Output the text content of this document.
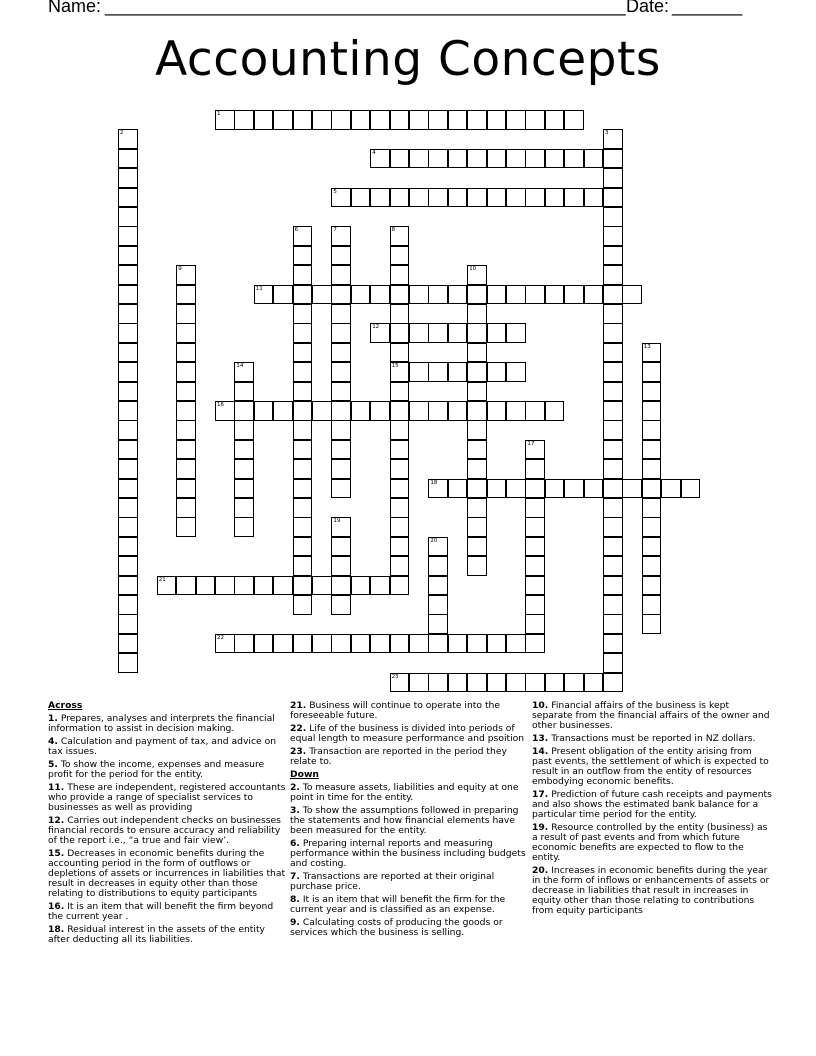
Name: ____________________________________________________ Date: _______
Accounting Concepts
1
2	3
4
5
6	7	8
15
9	10
11
12
13
14
16
17
18
19
20
21
22
23

Across

1. Prepares, analyses and interprets the financial information to assist in decision making.

4. Calculation and payment of tax, and advice on tax issues.

5. To show the income, expenses and measure profit for the period for the entity.

11. These are independent, registered accountants who provide a range of specialist services to businesses as well as providing

12. Carries out independent checks on businesses financial records to ensure accuracy and reliability of the report i.e., “a true and fair view’.

15. Decreases in economic benefits during the accounting period in the form of outflows or depletions of assets or incurrences in liabilities that result in decreases in equity other than those relating to distributions to equity participants

16. It is an item that will benefit the firm beyond the current year .

18. Residual interest in the assets of the entity after deducting all its liabilities.

21. Business will continue to operate into the foreseeable future.

22. Life of the business is divided into periods of equal length to measure performance and psoition

23. Transaction are reported in the period they relate to.

Down

2. To measure assets, liabilities and equity at one point in time for the entity.

3. To show the assumptions followed in preparing the statements and how financial elements have been measured for the entity.

6. Preparing internal reports and measuring performance within the business including budgets and costing.

7. Transactions are reported at their original purchase price.

8. It is an item that will benefit the firm for the current year and is classified as an expense.

9. Calculating costs of producing the goods or services which the business is selling.

10. Financial affairs of the business is kept separate from the financial affairs of the owner and other businesses.

13. Transactions must be reported in NZ dollars.

14. Present obligation of the entity arising from past events, the settlement of which is expected to result in an outflow from the entity of resources embodying economic benefits.

17. Prediction of future cash receipts and payments and also shows the estimated bank balance for a particular time period for the entity.

19. Resource controlled by the entity (business) as a result of past events and from which future economic benefits are expected to flow to the entity.

20. Increases in economic benefits during the year in the form of inflows or enhancements of assets or decrease in liabilities that result in increases in equity other than those relating to contributions from equity participants
